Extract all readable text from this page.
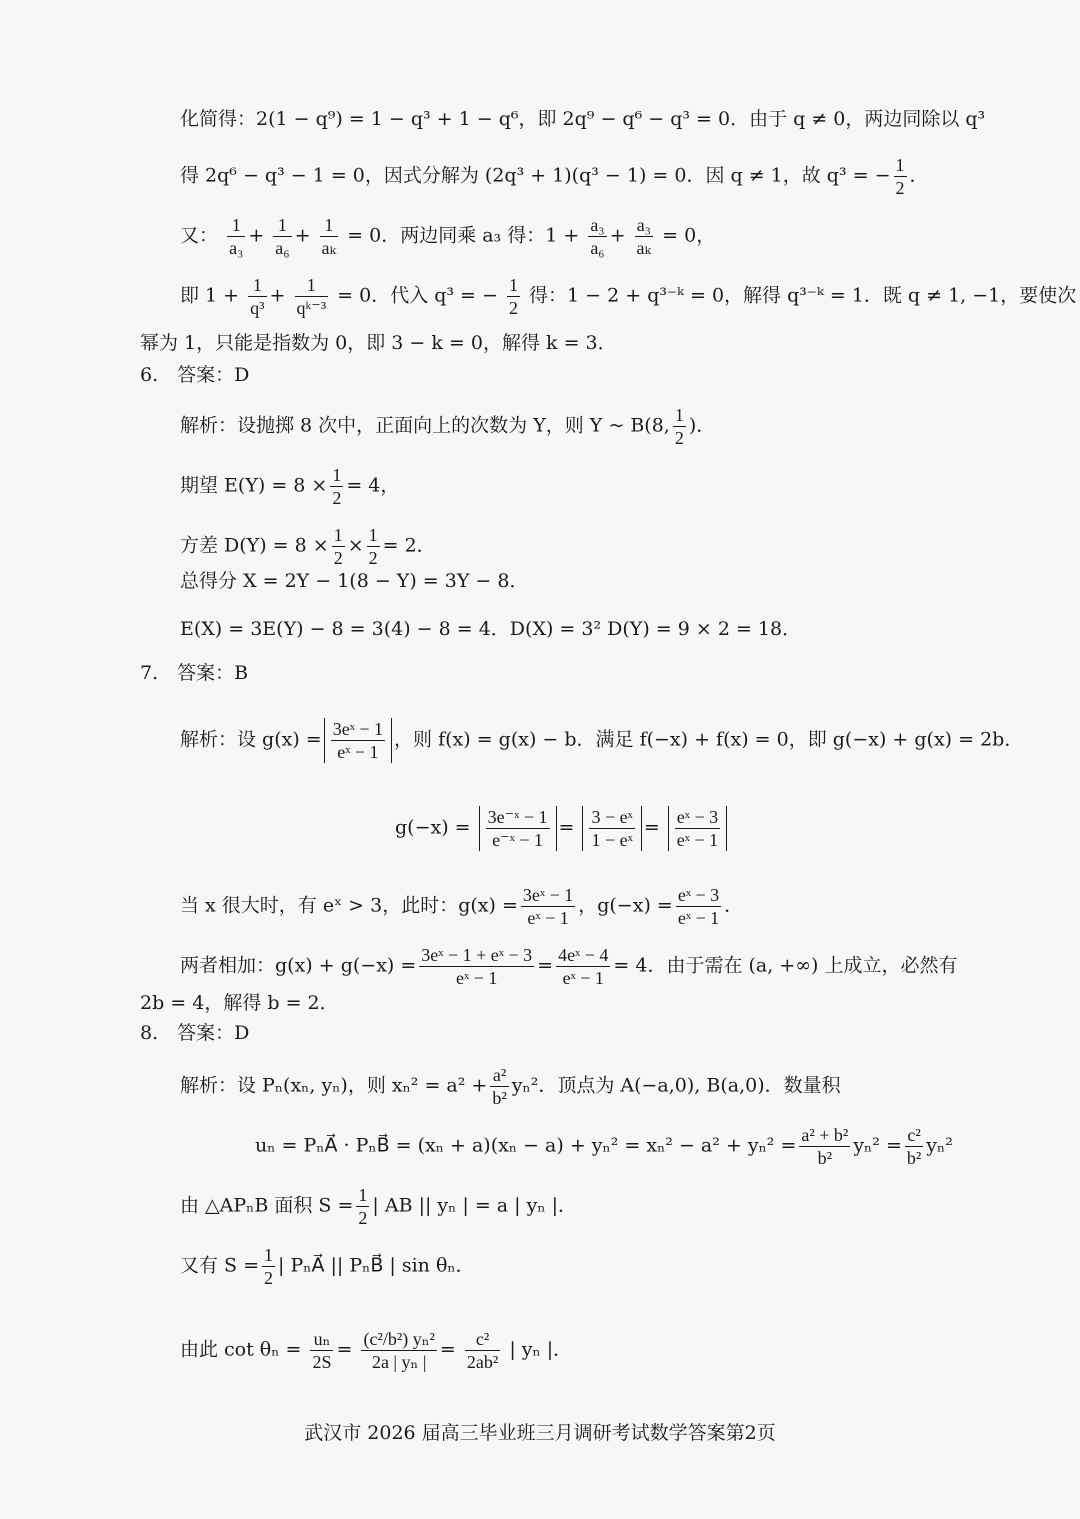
化简得：2(1 − q⁹) = 1 − q³ + 1 − q⁶，即 2q⁹ − q⁶ − q³ = 0．由于 q ≠ 0，两边同除以 q³
得 2q⁶ − q³ − 1 = 0，因式分解为 (2q³ + 1)(q³ − 1) = 0．因 q ≠ 1，故 q³ = − $\frac{1}{2}$ ．
又： $\frac{1}{\text{a₃}} + \frac{1}{\text{a₆}} + \frac{1}{\text{aₖ}} = 0$．两边同乘 a₃ 得：$1 + \frac{\text{a₃}}{\text{a₆}} + \frac{\text{a₃}}{\text{aₖ}} = 0$，
即 $1 + \frac{1}{\text{q³}} + \frac{1}{\text{qᵏ⁻³}} = 0$．代入 q³ = − $\frac{1}{2}$ 得：1 − 2 + q³⁻ᵏ = 0，解得 q³⁻ᵏ = 1．既 q ≠ 1, −1，要使次
幂为 1，只能是指数为 0，即 3 − k = 0，解得 k = 3．
6.　答案：D
解析：设抛掷 8 次中，正面向上的次数为 Y，则 Y ~ B(8, $\frac{1}{2}$ )．
期望 $E(Y) = 8 \times \frac{1}{2} = 4$，
方差 $D(Y) = 8 \times \frac{1}{2} \times \frac{1}{2} = 2$．
总得分 X = 2Y − 1(8 − Y) = 3Y − 8．
E(X) = 3E(Y) − 8 = 3(4) − 8 = 4．D(X) = 3² D(Y) = 9 × 2 = 18．
7.　答案：B
解析：设 $g(x) = \frac{\text{3eˣ − 1}}{\text{eˣ − 1}}$ ，则 f(x) = g(x) − b．满足 f(−x) + f(x) = 0，即 g(−x) + g(x) = 2b．
$g(-x) = \frac{\text{3e⁻ˣ − 1}}{\text{e⁻ˣ − 1}} = \frac{\text{3 − eˣ}}{\text{1 − eˣ}} = \frac{\text{eˣ − 3}}{\text{eˣ − 1}}$
当 x 很大时，有 eˣ > 3，此时：$g(x) = \frac{\text{3eˣ − 1}}{\text{eˣ − 1}}$ ，$g(-x) = \frac{\text{eˣ − 3}}{\text{eˣ − 1}}$ ．
两者相加：$g(x) + g(-x) = \frac{\text{3eˣ − 1 + eˣ − 3}}{\text{eˣ − 1}} = \frac{\text{4eˣ − 4}}{\text{eˣ − 1}} = 4$．由于需在 (a, +∞) 上成立，必然有
2b = 4，解得 b = 2．
8.　答案：D
解析：设 Pₙ(xₙ, yₙ)，则 $x_n^2 = a^2 + \frac{\text{a²}}{\text{b²}} y_n^2$．顶点为 A(−a,0), B(a,0)．数量积
uₙ = PₙA⃗ · PₙB⃗ = $(x_n + a)(x_n - a) + y_n^2 = x_n^2 - a^2 + y_n^2 = \frac{\text{a² + b²}}{\text{b²}} y_n^2 = \frac{\text{c²}}{\text{b²}} y_n^2$
由 △APₙB 面积 $S = \frac{1}{2}$ | AB || yₙ | = a | yₙ |．
又有 $S = \frac{1}{2}$ | PₙA⃗ || PₙB⃗ | sin θₙ．
由此 $\cot \theta_n = \frac{\text{uₙ}}{2S} = \frac{\text{(c²/b²) yₙ²}}{\text{2a | yₙ |}} = \frac{\text{c²}}{\text{2ab²}}$ | yₙ |．
武汉市 2026 届高三毕业班三月调研考试数学答案第2页
